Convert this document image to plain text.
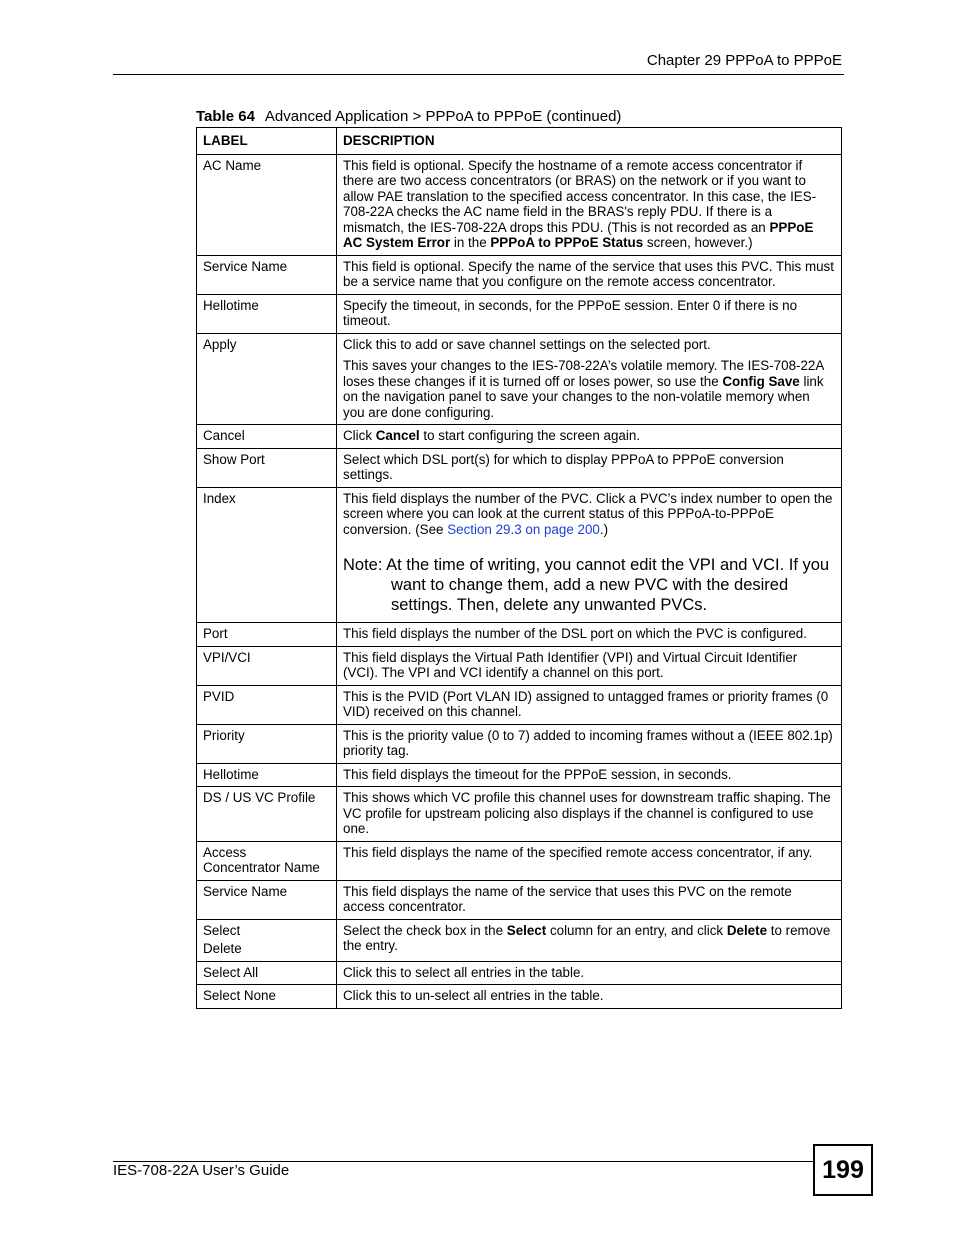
Chapter 29 PPPoA to PPPoE
Table 64 Advanced Application > PPPoA to PPPoE (continued)
LABEL	DESCRIPTION
AC Name	This field is optional. Specify the hostname of a remote access concentrator if there are two access concentrators (or BRAS) on the network or if you want to allow PAE translation to the specified access concentrator. In this case, the IES-708-22A checks the AC name field in the BRAS's reply PDU. If there is a mismatch, the IES-708-22A drops this PDU. (This is not recorded as an PPPoE AC System Error in the PPPoA to PPPoE Status screen, however.)
Service Name	This field is optional. Specify the name of the service that uses this PVC. This must be a service name that you configure on the remote access concentrator.
Hellotime	Specify the timeout, in seconds, for the PPPoE session. Enter 0 if there is no timeout.
Apply	Click this to add or save channel settings on the selected port.
This saves your changes to the IES-708-22A’s volatile memory. The IES-708-22A loses these changes if it is turned off or loses power, so use the Config Save link on the navigation panel to save your changes to the non-volatile memory when you are done configuring.

Cancel	Click Cancel to start configuring the screen again.
Show Port	Select which DSL port(s) for which to display PPPoA to PPPoE conversion settings.
Index	This field displays the number of the PVC. Click a PVC’s index number to open the screen where you can look at the current status of this PPPoA-to-PPPoE conversion. (See Section 29.3 on page 200.)
Note: At the time of writing, you cannot edit the VPI and VCI. If you want to change them, add a new PVC with the desired settings. Then, delete any unwanted PVCs.

Port	This field displays the number of the DSL port on which the PVC is configured.
VPI/VCI	This field displays the Virtual Path Identifier (VPI) and Virtual Circuit Identifier (VCI). The VPI and VCI identify a channel on this port.
PVID	This is the PVID (Port VLAN ID) assigned to untagged frames or priority frames (0 VID) received on this channel.
Priority	This is the priority value (0 to 7) added to incoming frames without a (IEEE 802.1p) priority tag.
Hellotime	This field displays the timeout for the PPPoE session, in seconds.
DS / US VC Profile	This shows which VC profile this channel uses for downstream traffic shaping. The VC profile for upstream policing also displays if the channel is configured to use one.

Access
Concentrator Name	This field displays the name of the specified remote access concentrator, if any.
Service Name	This field displays the name of the service that uses this PVC on the remote access concentrator.

Select
Delete	Select the check box in the Select column for an entry, and click Delete to remove the entry.
Select All	Click this to select all entries in the table.
Select None	Click this to un-select all entries in the table.
IES-708-22A User’s Guide	199
